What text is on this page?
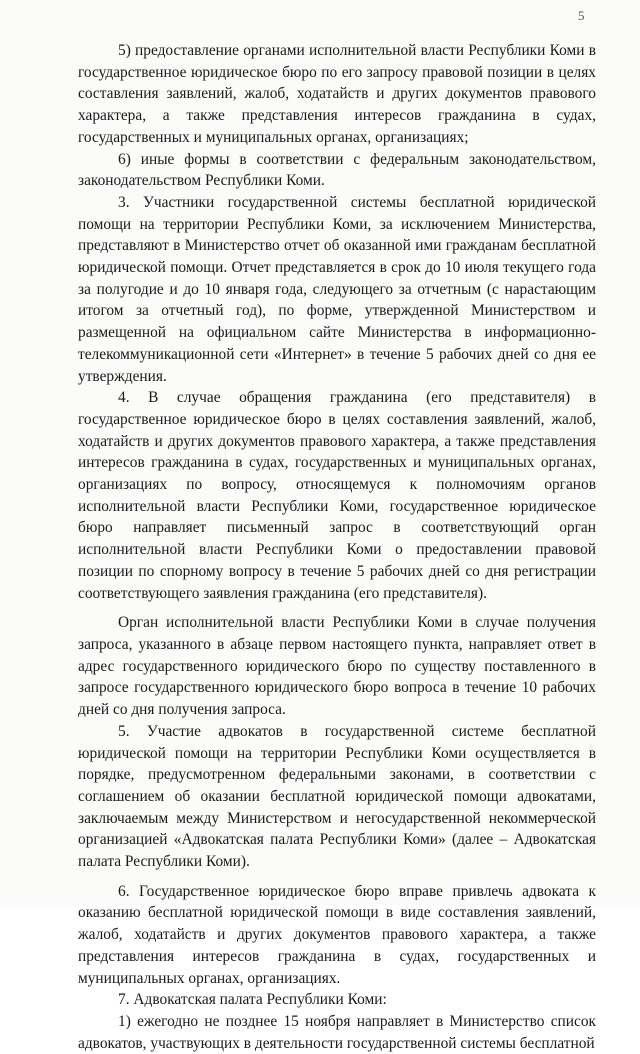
5

5) предоставление органами исполнительной власти Республики Коми в государственное юридическое бюро по его запросу правовой позиции в целях составления заявлений, жалоб, ходатайств и других документов правового характера, а также представления интересов гражданина в судах, государственных и муниципальных органах, организациях;

6) иные формы в соответствии с федеральным законодательством, законодательством Республики Коми.

3. Участники государственной системы бесплатной юридической помощи на территории Республики Коми, за исключением Министерства, представляют в Министерство отчет об оказанной ими гражданам бесплатной юридической помощи. Отчет представляется в срок до 10 июля текущего года за полугодие и до 10 января года, следующего за отчетным (с нарастающим итогом за отчетный год), по форме, утвержденной Министерством и размещенной на официальном сайте Министерства в информационно-телекоммуникационной сети «Интернет» в течение 5 рабочих дней со дня ее утверждения.

4. В случае обращения гражданина (его представителя) в государственное юридическое бюро в целях составления заявлений, жалоб, ходатайств и других документов правового характера, а также представления интересов гражданина в судах, государственных и муниципальных органах, организациях по вопросу, относящемуся к полномочиям органов исполнительной власти Республики Коми, государственное юридическое бюро направляет письменный запрос в соответствующий орган исполнительной власти Республики Коми о предоставлении правовой позиции по спорному вопросу в течение 5 рабочих дней со дня регистрации соответствующего заявления гражданина (его представителя).

Орган исполнительной власти Республики Коми в случае получения запроса, указанного в абзаце первом настоящего пункта, направляет ответ в адрес государственного юридического бюро по существу поставленного в запросе государственного юридического бюро вопроса в течение 10 рабочих дней со дня получения запроса.

5. Участие адвокатов в государственной системе бесплатной юридической помощи на территории Республики Коми осуществляется в порядке, предусмотренном федеральными законами, в соответствии с соглашением об оказании бесплатной юридической помощи адвокатами, заключаемым между Министерством и негосударственной некоммерческой организацией «Адвокатская палата Республики Коми» (далее – Адвокатская палата Республики Коми).

6. Государственное юридическое бюро вправе привлечь адвоката к оказанию бесплатной юридической помощи в виде составления заявлений, жалоб, ходатайств и других документов правового характера, а также представления интересов гражданина в судах, государственных и муниципальных органах, организациях.

7. Адвокатская палата Республики Коми:

1) ежегодно не позднее 15 ноября направляет в Министерство список адвокатов, участвующих в деятельности государственной системы бесплатной
